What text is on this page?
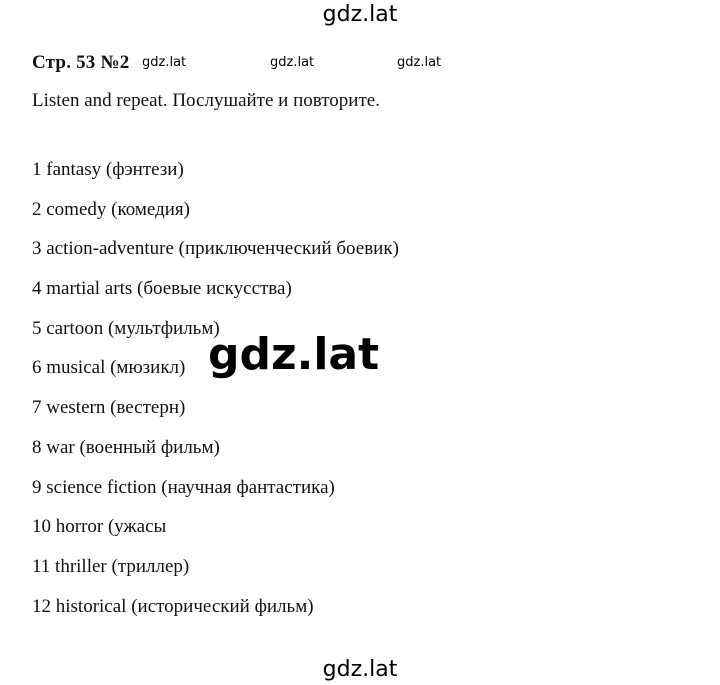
gdz.lat
Стр. 53 №2 gdz.lat	gdz.lat	gdz.lat
Listen and repeat. Послушайте и повторите.
1 fantasy (фэнтези)
2 comedy (комедия)
3 action-adventure (приключенческий боевик)
4 martial arts (боевые искусства)
5 cartoon (мультфильм)
6 musical (мюзикл)
7 western (вестерн)
8 war (военный фильм)
9 science fiction (научная фантастика)
10 horror (ужасы
11 thriller (триллер)
12 historical (исторический фильм)
gdz.lat
gdz.lat
